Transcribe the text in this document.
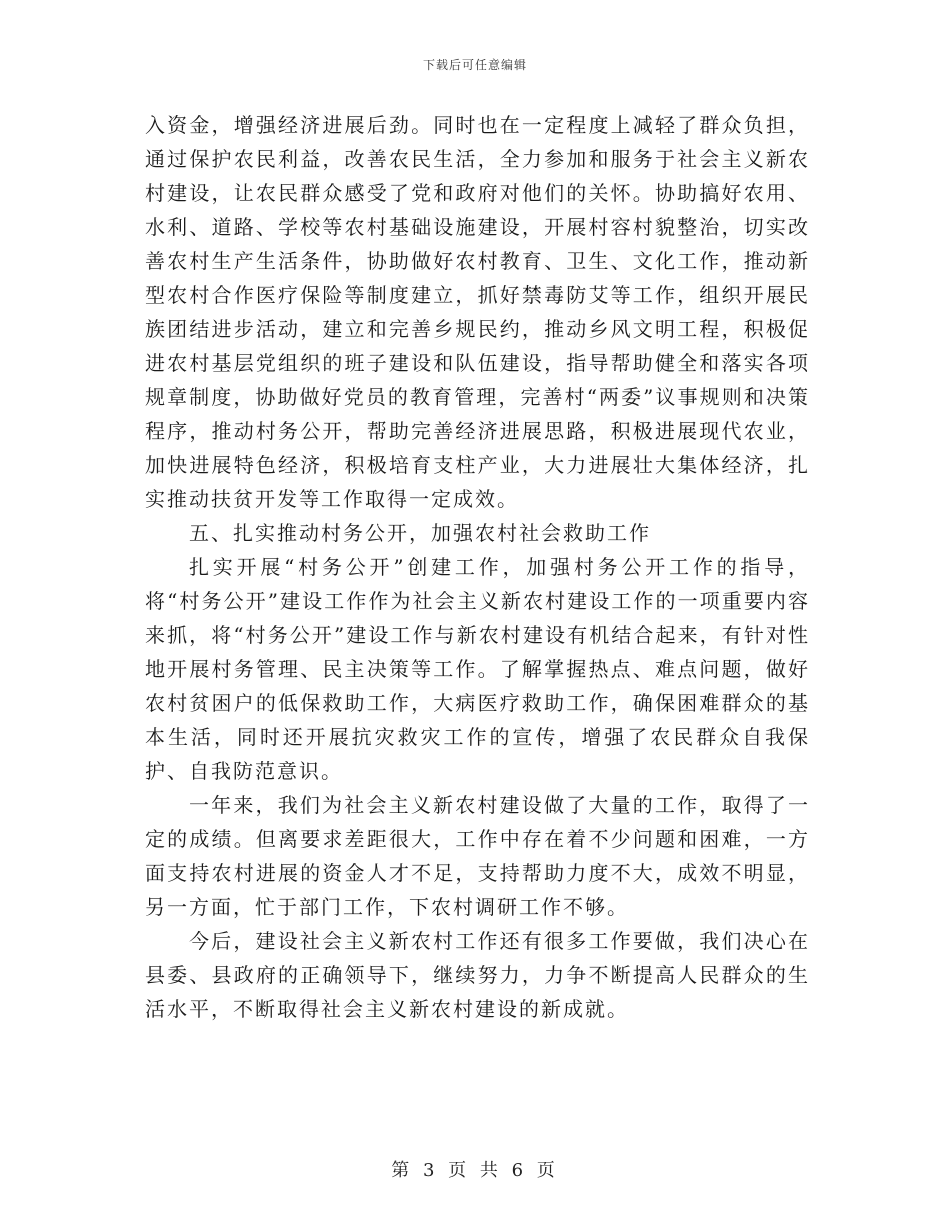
下载后可任意编辑

入资金，增强经济进展后劲。同时也在一定程度上减轻了群众负担，通过保护农民利益，改善农民生活，全力参加和服务于社会主义新农村建设，让农民群众感受了党和政府对他们的关怀。协助搞好农用、水利、道路、学校等农村基础设施建设，开展村容村貌整治，切实改善农村生产生活条件，协助做好农村教育、卫生、文化工作，推动新型农村合作医疗保险等制度建立，抓好禁毒防艾等工作，组织开展民族团结进步活动，建立和完善乡规民约，推动乡风文明工程，积极促进农村基层党组织的班子建设和队伍建设，指导帮助健全和落实各项规章制度，协助做好党员的教育管理，完善村“两委”议事规则和决策程序，推动村务公开，帮助完善经济进展思路，积极进展现代农业，加快进展特色经济，积极培育支柱产业，大力进展壮大集体经济，扎实推动扶贫开发等工作取得一定成效。

五、扎实推动村务公开，加强农村社会救助工作

扎实开展“村务公开”创建工作，加强村务公开工作的指导，将“村务公开”建设工作作为社会主义新农村建设工作的一项重要内容来抓，将“村务公开”建设工作与新农村建设有机结合起来，有针对性地开展村务管理、民主决策等工作。了解掌握热点、难点问题，做好农村贫困户的低保救助工作，大病医疗救助工作，确保困难群众的基本生活，同时还开展抗灾救灾工作的宣传，增强了农民群众自我保护、自我防范意识。

一年来，我们为社会主义新农村建设做了大量的工作，取得了一定的成绩。但离要求差距很大，工作中存在着不少问题和困难，一方面支持农村进展的资金人才不足，支持帮助力度不大，成效不明显，另一方面，忙于部门工作，下农村调研工作不够。

今后，建设社会主义新农村工作还有很多工作要做，我们决心在县委、县政府的正确领导下，继续努力，力争不断提高人民群众的生活水平，不断取得社会主义新农村建设的新成就。

第 3 页 共 6 页
